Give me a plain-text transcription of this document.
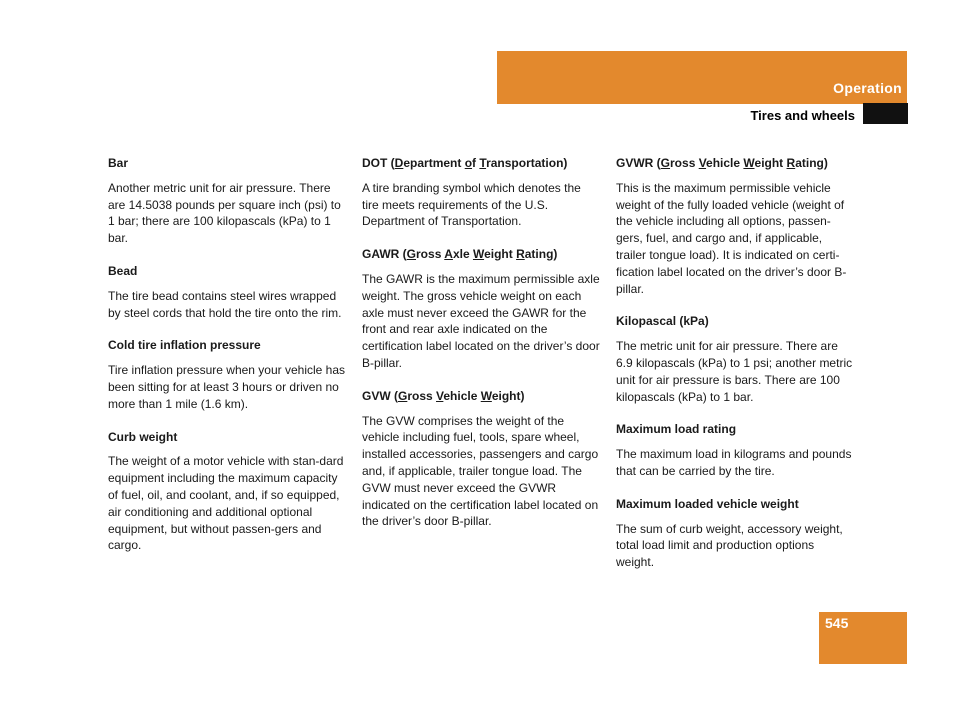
Operation
Tires and wheels

Bar

Another metric unit for air pressure. There are 14.5038 pounds per square inch (psi) to 1 bar; there are 100 kilopascals (kPa) to 1 bar.

Bead

The tire bead contains steel wires wrapped by steel cords that hold the tire onto the rim.

Cold tire inflation pressure

Tire inflation pressure when your vehicle has been sitting for at least 3 hours or driven no more than 1 mile (1.6 km).

Curb weight

The weight of a motor vehicle with stan-dard equipment including the maximum capacity of fuel, oil, and coolant, and, if so equipped, air conditioning and additional optional equipment, but without passen-gers and cargo.

DOT (Department of Transportation)

A tire branding symbol which denotes the tire meets requirements of the U.S. Department of Transportation.

GAWR (Gross Axle Weight Rating)

The GAWR is the maximum permissible axle weight. The gross vehicle weight on each axle must never exceed the GAWR for the front and rear axle indicated on the certification label located on the driver’s door B-pillar.

GVW (Gross Vehicle Weight)

The GVW comprises the weight of the vehicle including fuel, tools, spare wheel, installed accessories, passengers and cargo and, if applicable, trailer tongue load. The GVW must never exceed the GVWR indicated on the certification label located on the driver’s door B-pillar.

GVWR (Gross Vehicle Weight Rating)

This is the maximum permissible vehicle weight of the fully loaded vehicle (weight of the vehicle including all options, passen-gers, fuel, and cargo and, if applicable, trailer tongue load). It is indicated on certi-fication label located on the driver’s door B-pillar.

Kilopascal (kPa)

The metric unit for air pressure. There are 6.9 kilopascals (kPa) to 1 psi; another metric unit for air pressure is bars. There are 100 kilopascals (kPa) to 1 bar.

Maximum load rating

The maximum load in kilograms and pounds that can be carried by the tire.

Maximum loaded vehicle weight

The sum of curb weight, accessory weight, total load limit and production options weight.

545
